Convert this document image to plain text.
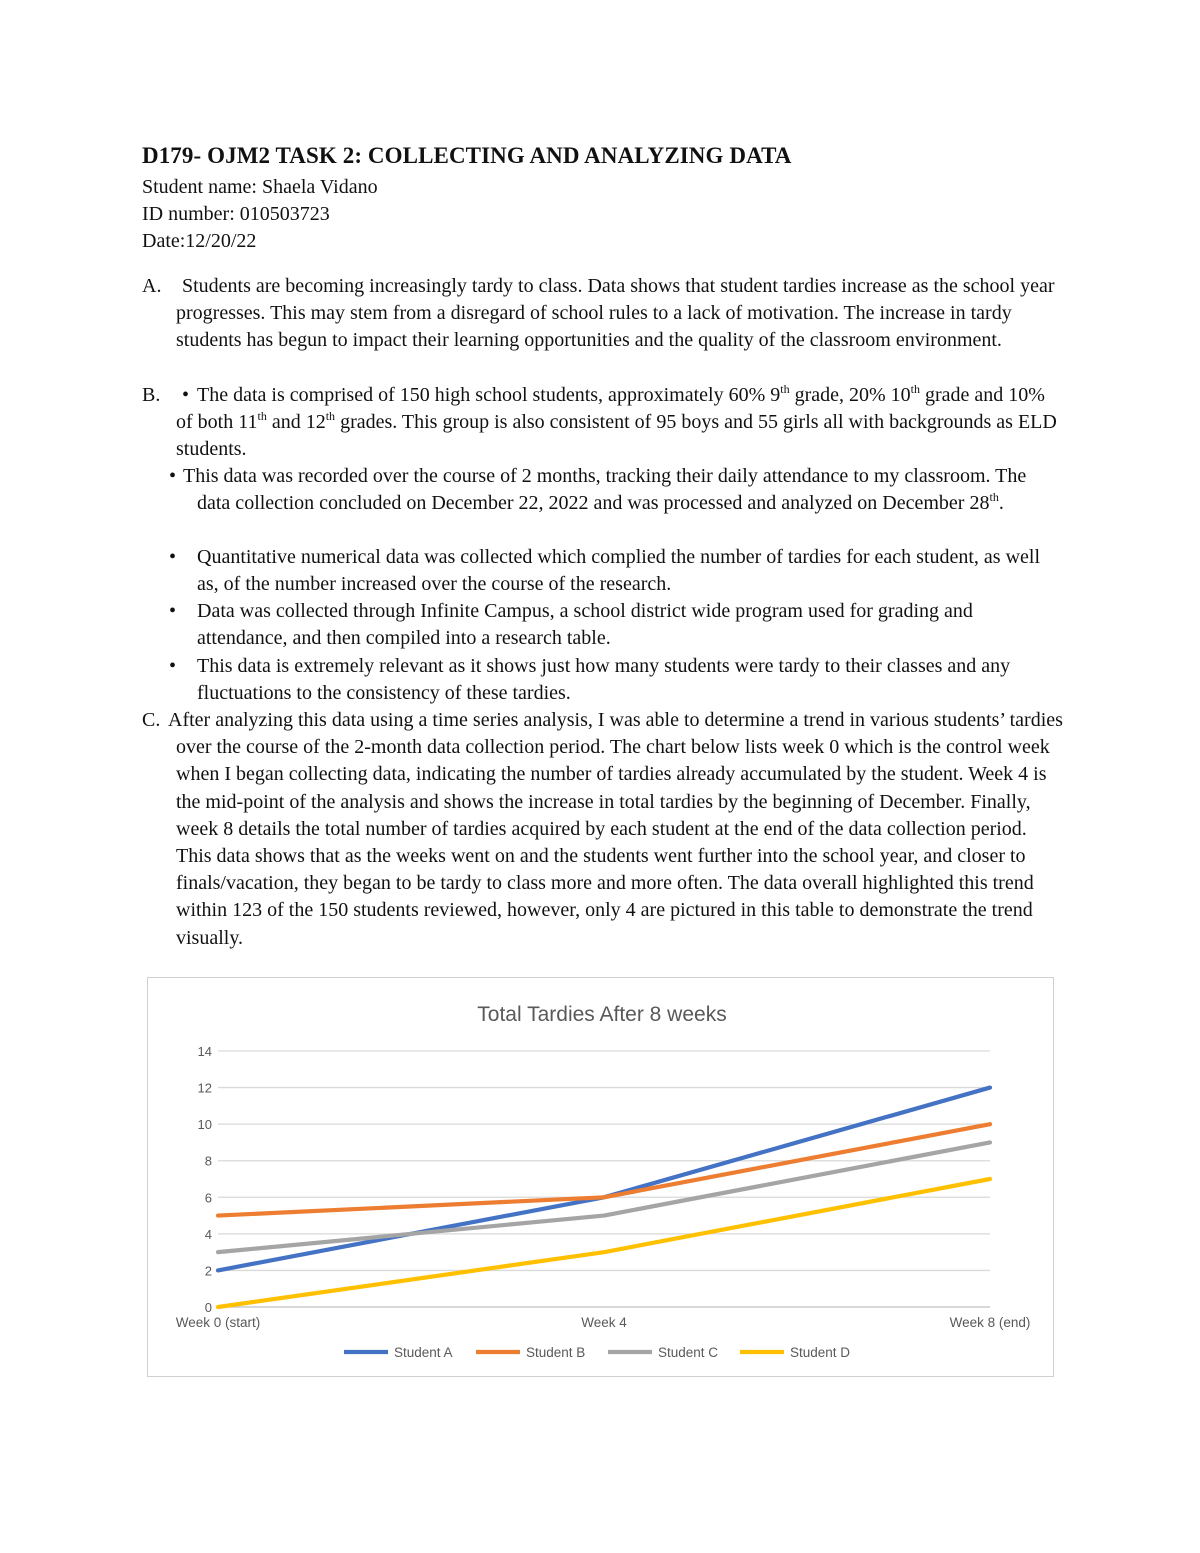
D179- OJM2 TASK 2: COLLECTING AND ANALYZING DATA
Student name: Shaela Vidano
ID number: 010503723
Date:12/20/22
A.	Students are becoming increasingly tardy to class. Data shows that student tardies increase as the school year progresses. This may stem from a disregard of school rules to a lack of motivation. The increase in tardy students has begun to impact their learning opportunities and the quality of the classroom environment.
B.	• The data is comprised of 150 high school students, approximately 60% 9th grade, 20% 10th grade and 10% of both 11th and 12th grades. This group is also consistent of 95 boys and 55 girls all with backgrounds as ELD students.
• This data was recorded over the course of 2 months, tracking their daily attendance to my classroom. The data collection concluded on December 22, 2022 and was processed and analyzed on December 28th.
• Quantitative numerical data was collected which complied the number of tardies for each student, as well as, of the number increased over the course of the research.
• Data was collected through Infinite Campus, a school district wide program used for grading and attendance, and then compiled into a research table.
• This data is extremely relevant as it shows just how many students were tardy to their classes and any fluctuations to the consistency of these tardies.
C. After analyzing this data using a time series analysis, I was able to determine a trend in various students’ tardies over the course of the 2-month data collection period. The chart below lists week 0 which is the control week when I began collecting data, indicating the number of tardies already accumulated by the student. Week 4 is the mid-point of the analysis and shows the increase in total tardies by the beginning of December. Finally, week 8 details the total number of tardies acquired by each student at the end of the data collection period. This data shows that as the weeks went on and the students went further into the school year, and closer to finals/vacation, they began to be tardy to class more and more often. The data overall highlighted this trend within 123 of the 150 students reviewed, however, only 4 are pictured in this table to demonstrate the trend visually.
Total Tardies After 8 weeks
0
2
4
6
8
10
12
14
Week 0 (start)	Week 4	Week 8 (end)
Student A	Student B	Student C	Student D
